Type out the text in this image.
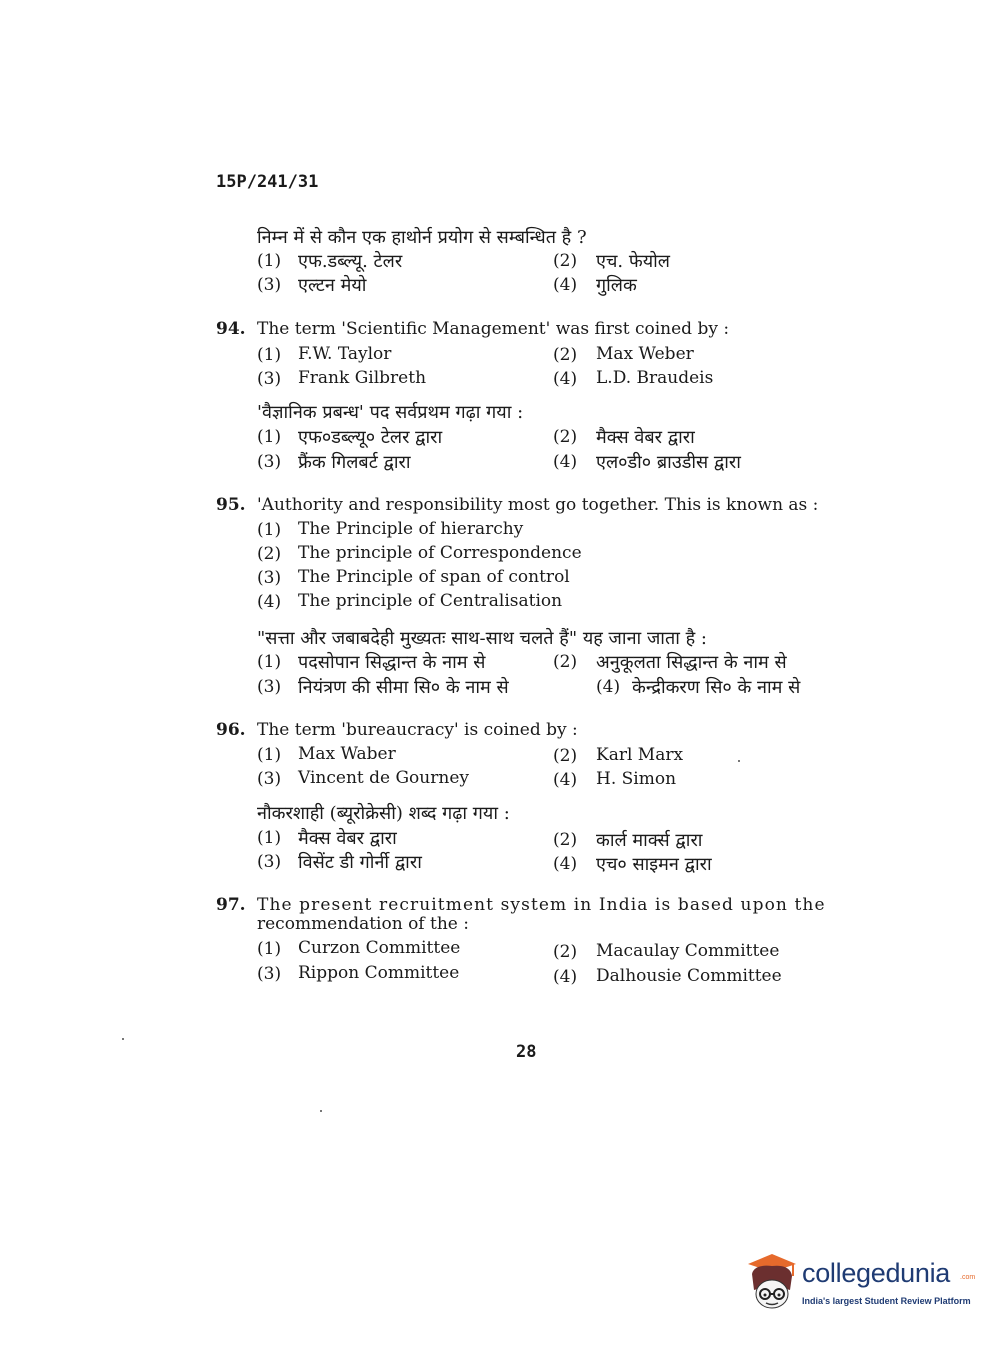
15P/241/31
निम्न में से कौन एक हाथोर्न प्रयोग से सम्बन्धित है ?
(1) एफ.डब्ल्यू. टेलर	(2) एच. फेयोल
(3) एल्टन मेयो	(4) गुलिक
94. The term 'Scientific Management' was first coined by :
(1) F.W. Taylor	(2) Max Weber
(3) Frank Gilbreth	(4) L.D. Braudeis
'वैज्ञानिक प्रबन्ध' पद सर्वप्रथम गढ़ा गया :
(1) एफ०डब्ल्यू० टेलर द्वारा	(2) मैक्स वेबर द्वारा
(3) फ्रैंक गिलबर्ट द्वारा	(4) एल०डी० ब्राउडीस द्वारा
95. 'Authority and responsibility most go together. This is known as :
(1) The Principle of hierarchy
(2) The principle of Correspondence
(3) The Principle of span of control
(4) The principle of Centralisation
"सत्ता और जबाबदेही मुख्यतः साथ-साथ चलते हैं" यह जाना जाता है :
(1) पदसोपान सिद्धान्त के नाम से	(2) अनुकूलता सिद्धान्त के नाम से
(3) नियंत्रण की सीमा सि० के नाम से	(4) केन्द्रीकरण सि० के नाम से
96. The term 'bureaucracy' is coined by :
(1) Max Waber	(2) Karl Marx
(3) Vincent de Gourney	(4) H. Simon
नौकरशाही (ब्यूरोक्रेसी) शब्द गढ़ा गया :
(1) मैक्स वेबर द्वारा	(2) कार्ल मार्क्स द्वारा
(3) विसेंट डी गोर्नी द्वारा	(4) एच० साइमन द्वारा
97. The present recruitment system in India is based upon the
recommendation of the :
(1) Curzon Committee	(2) Macaulay Committee
(3) Rippon Committee	(4) Dalhousie Committee
28
collegedunia .com
India's largest Student Review Platform
